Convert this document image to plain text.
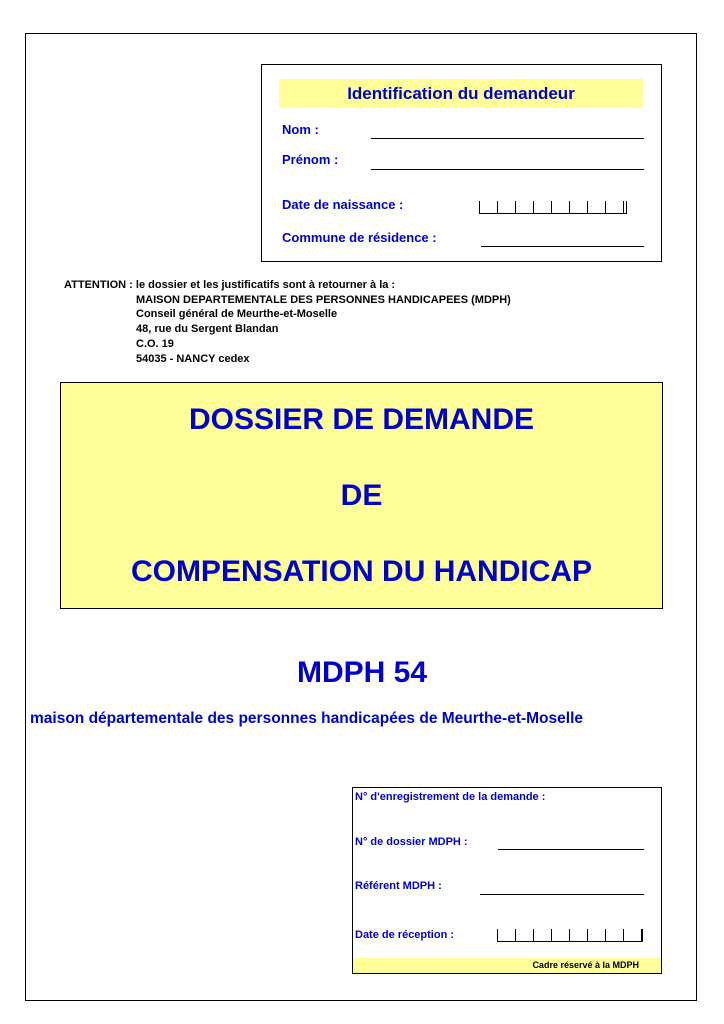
Identification du demandeur
Nom :
Prénom :
Date de naissance :
Commune de résidence :
ATTENTION : le dossier et les justificatifs sont à retourner à la :
MAISON DEPARTEMENTALE DES PERSONNES HANDICAPEES (MDPH)
Conseil général de Meurthe-et-Moselle
48, rue du Sergent Blandan
C.O. 19
54035 - NANCY cedex
DOSSIER DE DEMANDE
DE
COMPENSATION DU HANDICAP
MDPH 54
maison départementale des personnes handicapées de Meurthe-et-Moselle
N° d'enregistrement de la demande :
N° de dossier MDPH :
Référent MDPH :
Date de réception :
Cadre réservé à la MDPH
